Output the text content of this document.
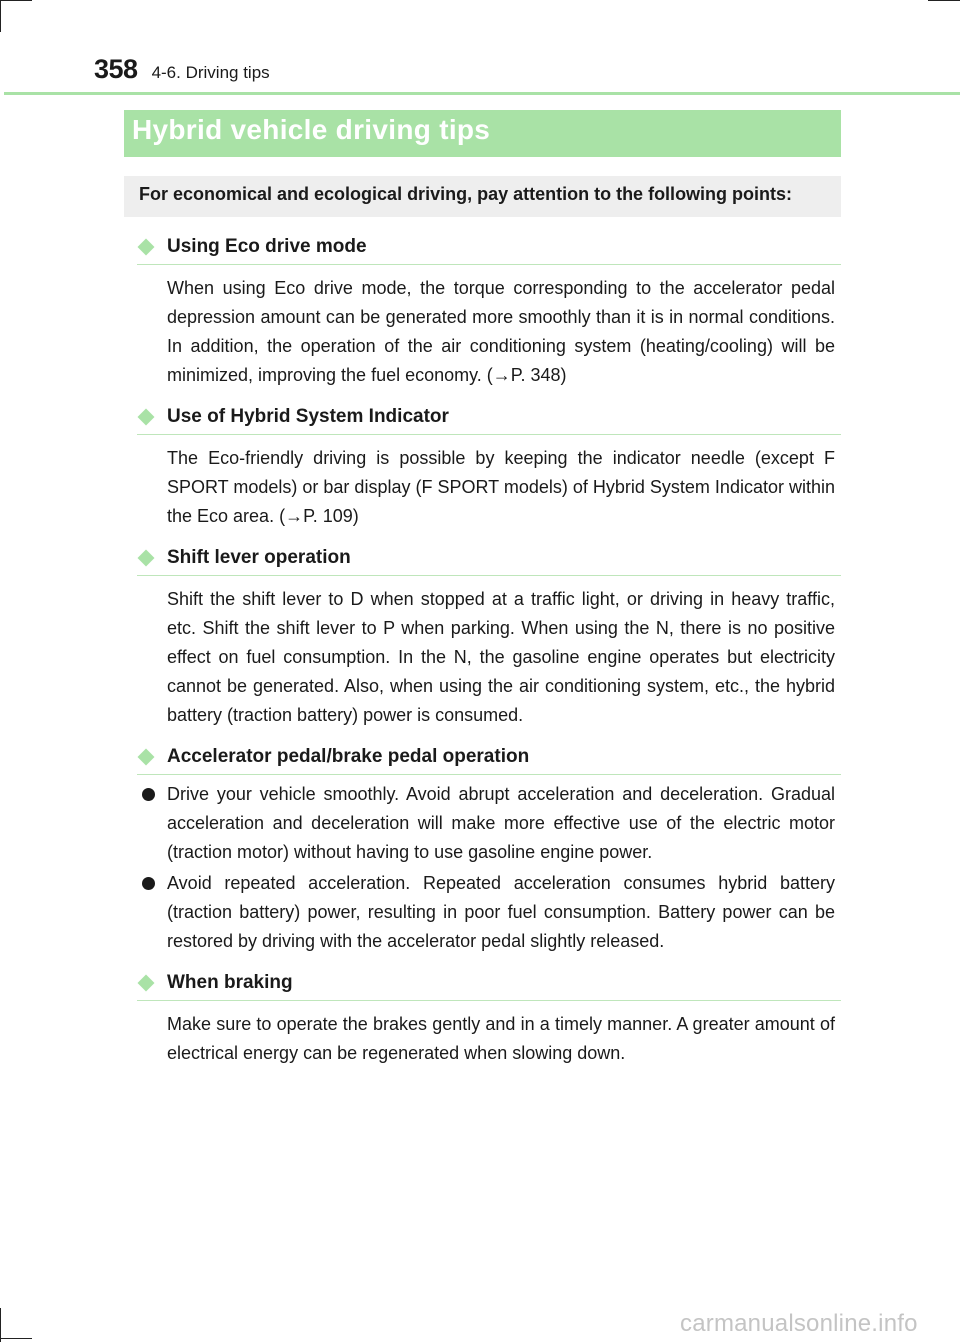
358 4-6. Driving tips
Hybrid vehicle driving tips

For economical and ecological driving, pay attention to the following points:

Using Eco drive mode

When using Eco drive mode, the torque corresponding to the accelerator pedal depression amount can be generated more smoothly than it is in normal conditions. In addition, the operation of the air conditioning system (heating/cooling) will be minimized, improving the fuel economy. (→P. 348)

Use of Hybrid System Indicator

The Eco-friendly driving is possible by keeping the indicator needle (except F SPORT models) or bar display (F SPORT models) of Hybrid System Indicator within the Eco area. (→P. 109)

Shift lever operation

Shift the shift lever to D when stopped at a traffic light, or driving in heavy traffic, etc. Shift the shift lever to P when parking. When using the N, there is no positive effect on fuel consumption. In the N, the gasoline engine operates but electricity cannot be generated. Also, when using the air conditioning system, etc., the hybrid battery (traction battery) power is consumed.

Accelerator pedal/brake pedal operation

Drive your vehicle smoothly. Avoid abrupt acceleration and deceleration. Gradual acceleration and deceleration will make more effective use of the electric motor (traction motor) without having to use gasoline engine power.

Avoid repeated acceleration. Repeated acceleration consumes hybrid battery (traction battery) power, resulting in poor fuel consumption. Battery power can be restored by driving with the accelerator pedal slightly released.

When braking

Make sure to operate the brakes gently and in a timely manner. A greater amount of electrical energy can be regenerated when slowing down.

carmanualsonline.info
